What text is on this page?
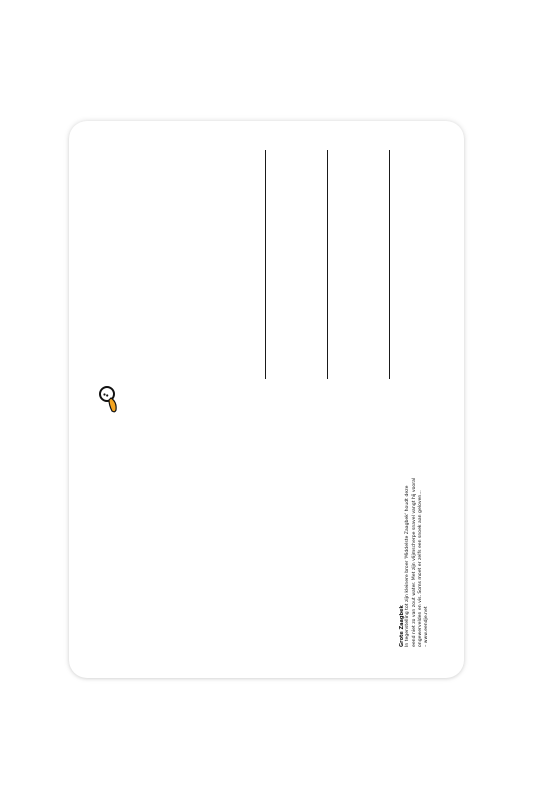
Grote Zaagbek In tegenstelling tot zijn kleinere broer 'Middelste Zaagbek' houdt deze eend niet zo van zout water. Met zijn vlijmscherpe snavel vangt hij vooral ongewervelden en vis. Soms moet er zelfs een snoek aan geloven... – www.eendje.net
